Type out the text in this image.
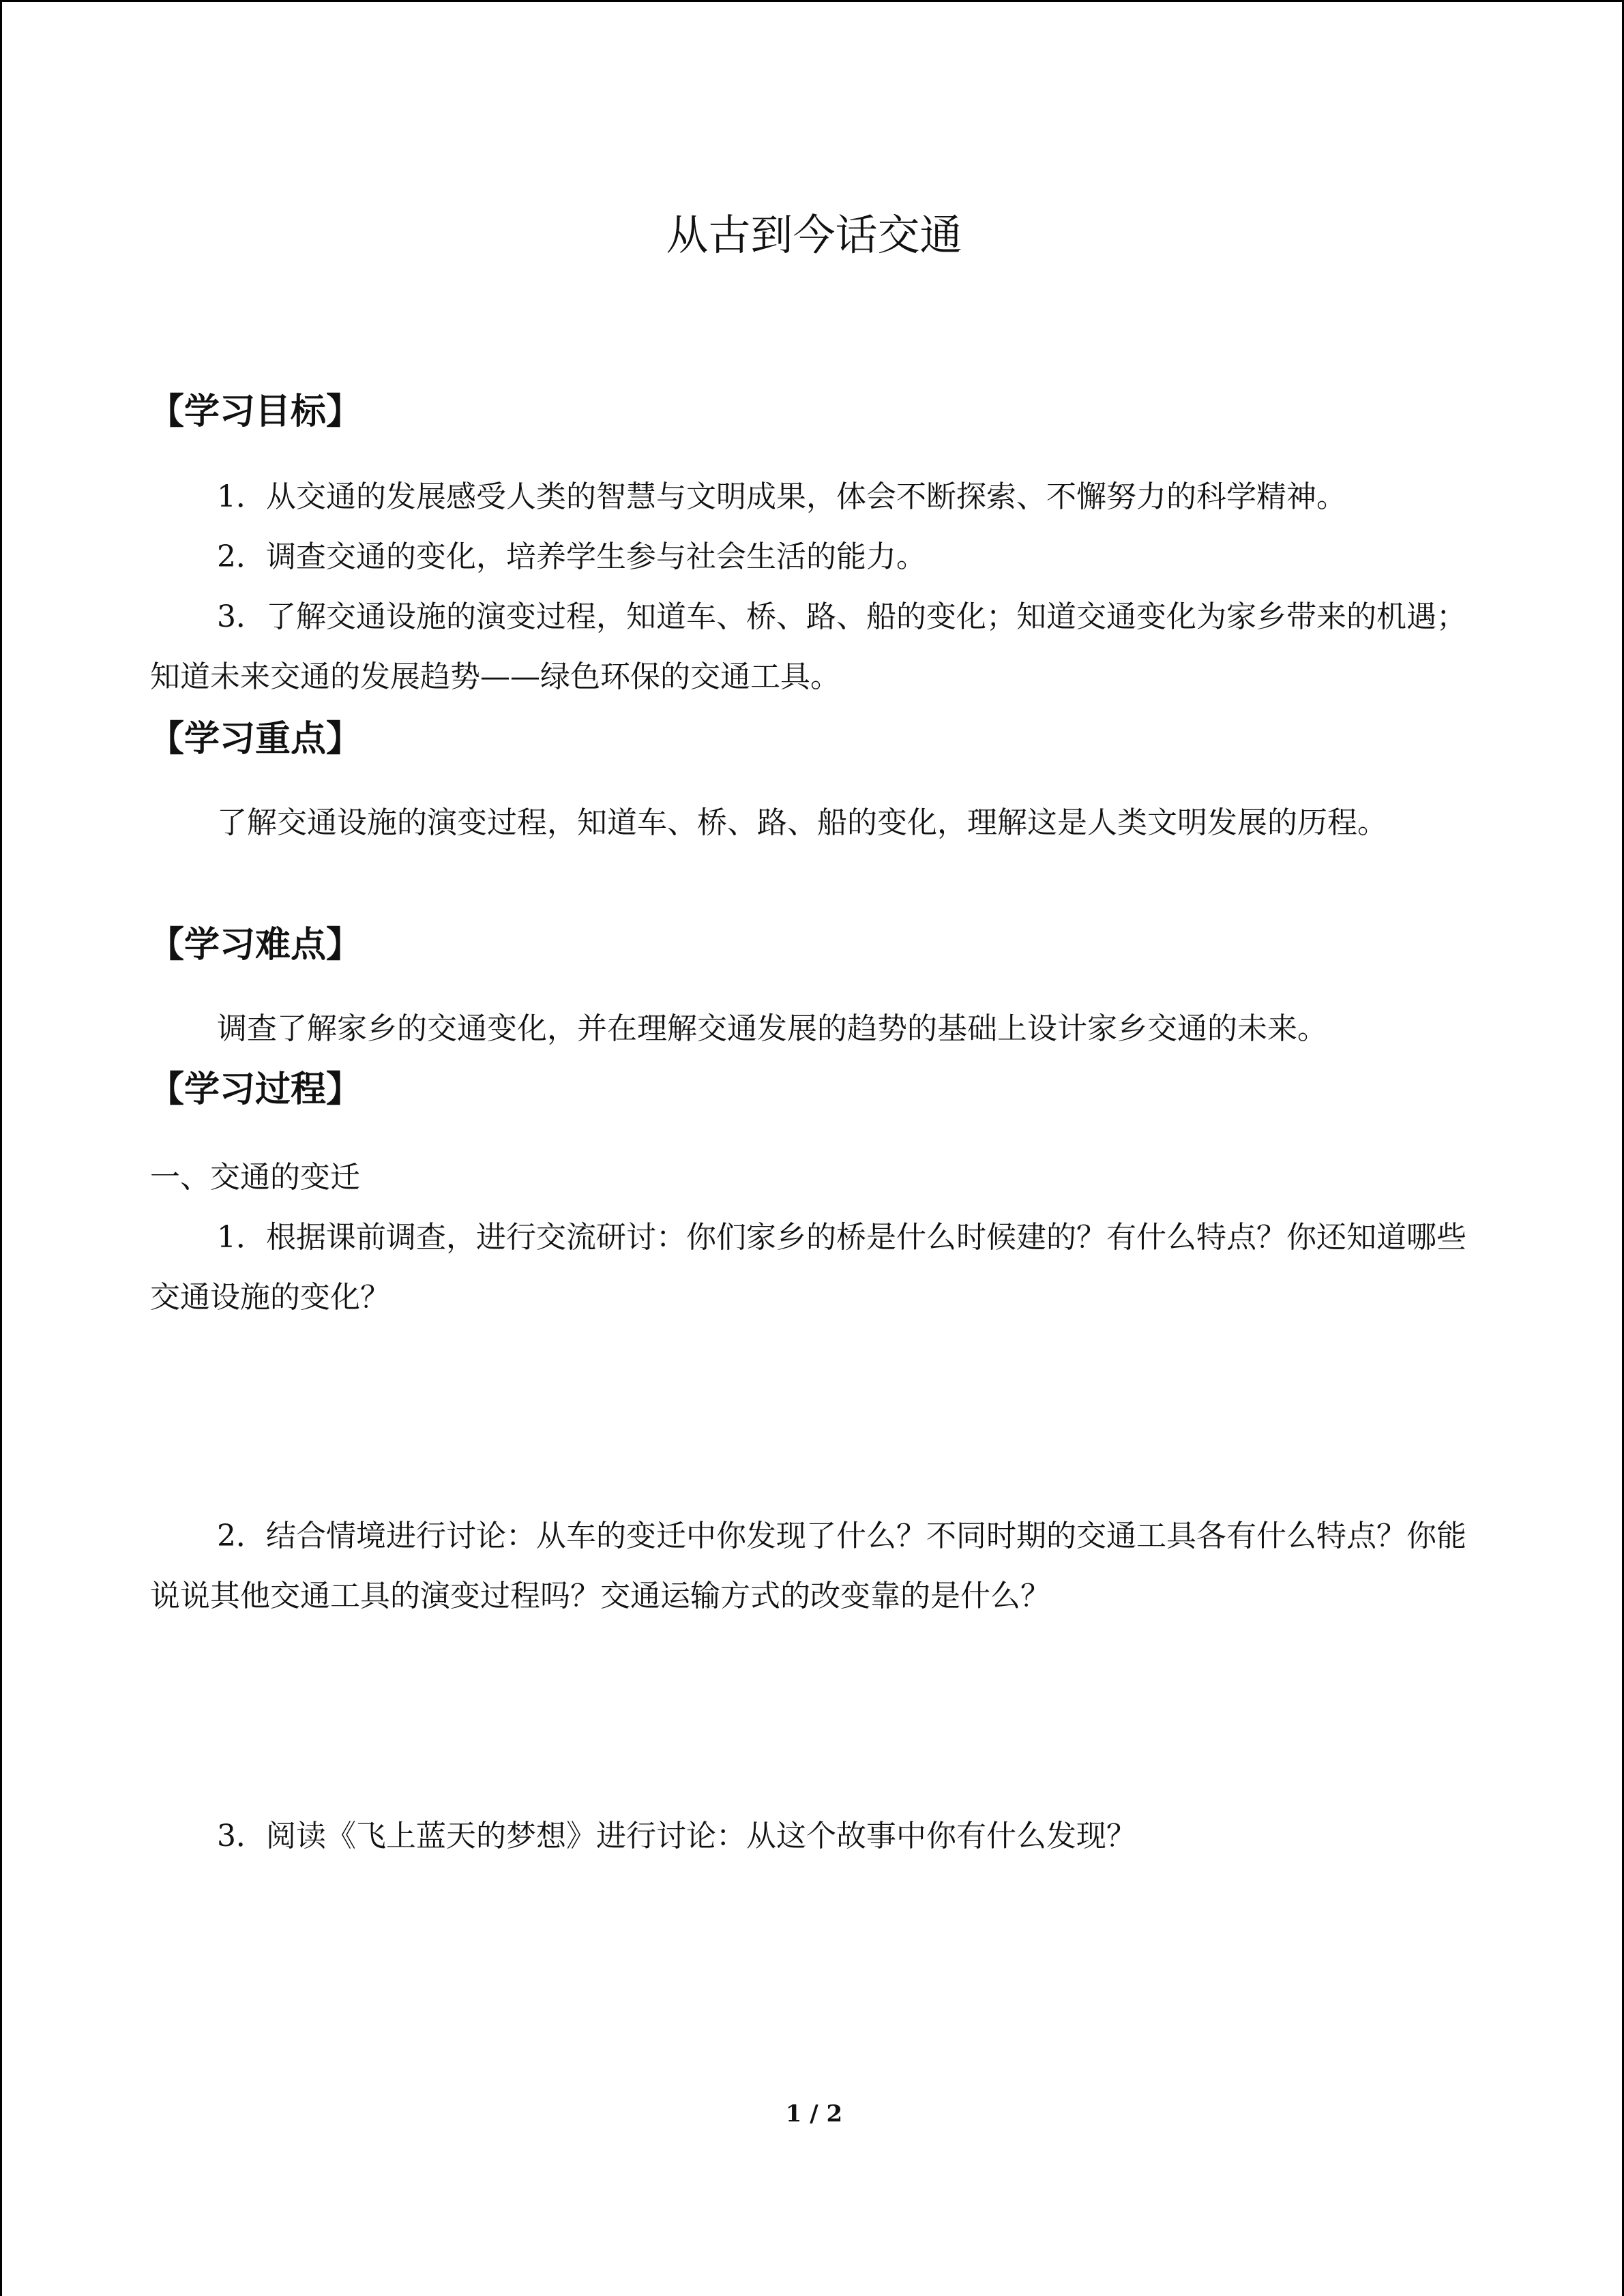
从古到今话交通
【学习目标】

1．从交通的发展感受人类的智慧与文明成果，体会不断探索、不懈努力的科学精神。

2．调查交通的变化，培养学生参与社会生活的能力。

3．了解交通设施的演变过程，知道车、桥、路、船的变化；知道交通变化为家乡带来的机遇；知道未来交通的发展趋势——绿色环保的交通工具。

【学习重点】

了解交通设施的演变过程，知道车、桥、路、船的变化，理解这是人类文明发展的历程。

【学习难点】

调查了解家乡的交通变化，并在理解交通发展的趋势的基础上设计家乡交通的未来。

【学习过程】

一、交通的变迁

1．根据课前调查，进行交流研讨：你们家乡的桥是什么时候建的？有什么特点？你还知道哪些交通设施的变化？

2．结合情境进行讨论：从车的变迁中你发现了什么？不同时期的交通工具各有什么特点？你能说说其他交通工具的演变过程吗？交通运输方式的改变靠的是什么？

3．阅读《飞上蓝天的梦想》进行讨论：从这个故事中你有什么发现？

1 / 2
